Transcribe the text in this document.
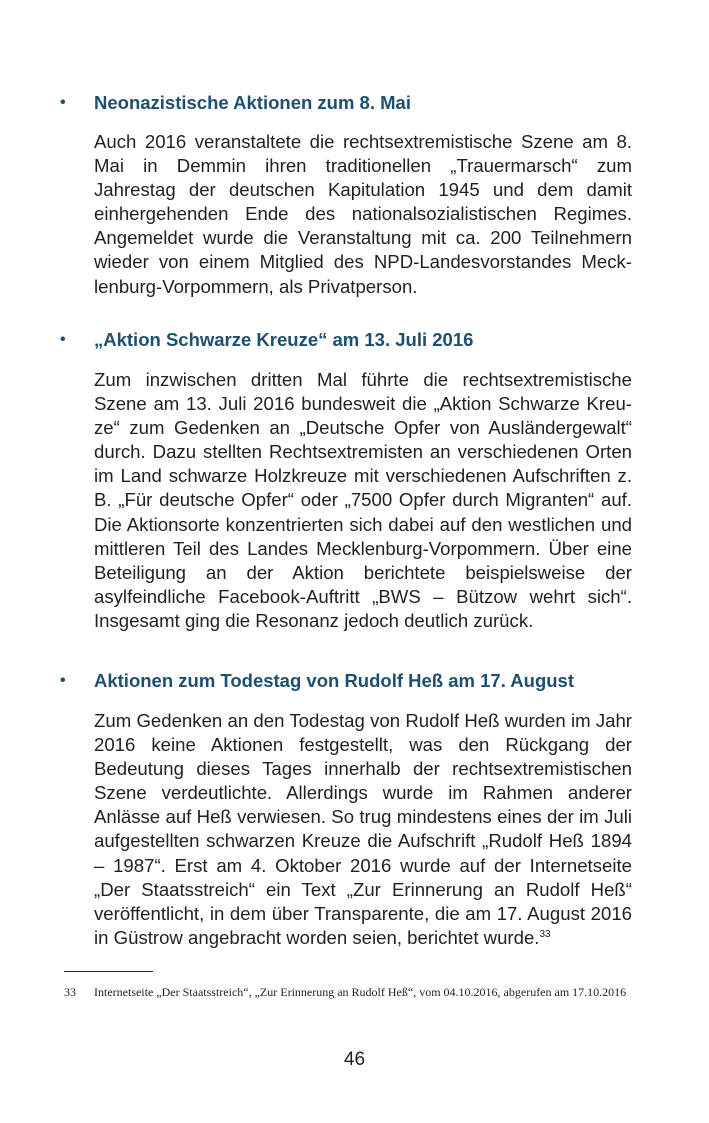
• Neonazistische Aktionen zum 8. Mai

Auch 2016 veranstaltete die rechtsextremistische Szene am 8. Mai in Demmin ihren traditionellen „Trauermarsch“ zum Jahrestag der deutschen Kapitulation 1945 und dem damit einhergehenden Ende des nationalsozialistischen Regimes. Angemeldet wurde die Veranstaltung mit ca. 200 Teilnehmern wieder von einem Mitglied des NPD-Landesvorstandes Mecklenburg-Vorpommern, als Privatperson.

• „Aktion Schwarze Kreuze“ am 13. Juli 2016

Zum inzwischen dritten Mal führte die rechtsextremistische Szene am 13. Juli 2016 bundesweit die „Aktion Schwarze Kreuze“ zum Gedenken an „Deutsche Opfer von Ausländergewalt“ durch. Dazu stellten Rechtsextremisten an verschiedenen Orten im Land schwarze Holzkreuze mit verschiedenen Aufschriften z. B. „Für deutsche Opfer“ oder „7500 Opfer durch Migranten“ auf. Die Aktionsorte konzentrierten sich dabei auf den westlichen und mittleren Teil des Landes Mecklenburg-Vorpommern. Über eine Beteiligung an der Aktion berichtete beispielsweise der asylfeindliche Facebook-Auftritt „BWS – Bützow wehrt sich“. Insgesamt ging die Resonanz jedoch deutlich zurück.

• Aktionen zum Todestag von Rudolf Heß am 17. August

Zum Gedenken an den Todestag von Rudolf Heß wurden im Jahr 2016 keine Aktionen festgestellt, was den Rückgang der Bedeutung dieses Tages innerhalb der rechtsextremistischen Szene verdeutlichte. Allerdings wurde im Rahmen anderer Anlässe auf Heß verwiesen. So trug mindestens eines der im Juli aufgestellten schwarzen Kreuze die Aufschrift „Rudolf Heß 1894 – 1987“. Erst am 4. Oktober 2016 wurde auf der Internetseite „Der Staatsstreich“ ein Text „Zur Erinnerung an Rudolf Heß“ veröffentlicht, in dem über Transparente, die am 17. August 2016 in Güstrow angebracht worden seien, berichtet wurde.$^{33}$

33 Internetseite „Der Staatsstreich“, „Zur Erinnerung an Rudolf Heß“, vom 04.10.2016, abgerufen am 17.10.2016
46
